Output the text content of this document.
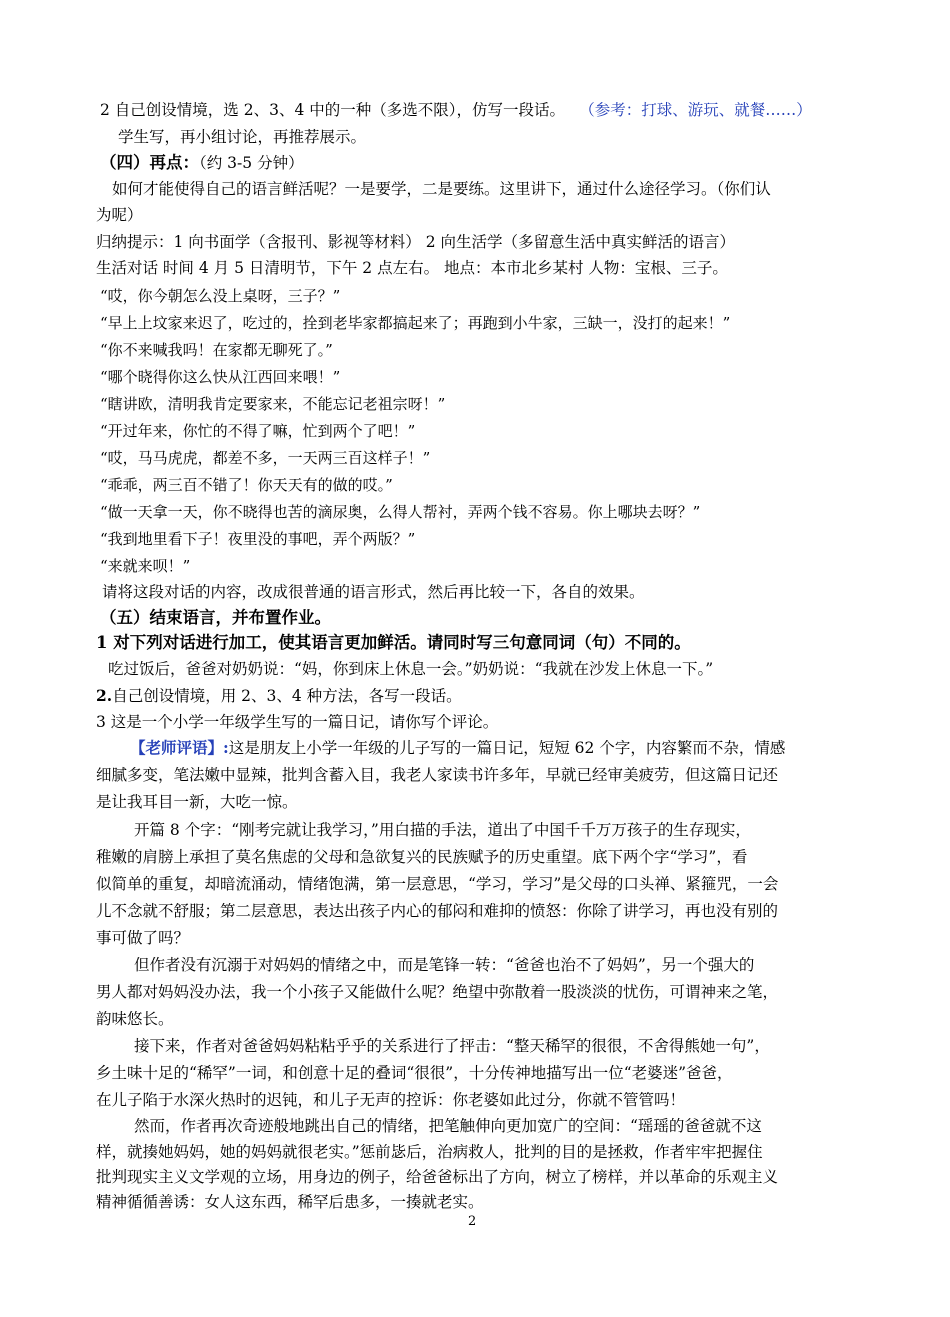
2 自己创设情境，选 2、3、4 中的一种（多选不限），仿写一段话。 （参考：打球、游玩、就餐……）
学生写，再小组讨论，再推荐展示。
（四）再点：（约 3-5 分钟）
如何才能使得自己的语言鲜活呢？一是要学，二是要练。这里讲下，通过什么途径学习。（你们认
为呢）
归纳提示：1 向书面学（含报刊、影视等材料） 2 向生活学（多留意生活中真实鲜活的语言）
生活对话 时间 4 月 5 日清明节，下午 2 点左右。 地点：本市北乡某村 人物：宝根、三子。
“哎，你今朝怎么没上桌呀，三子？”
“早上上坟家来迟了，吃过的，拴到老毕家都搞起来了；再跑到小牛家，三缺一，没打的起来！”
“你不来喊我吗！在家都无聊死了。”
“哪个晓得你这么快从江西回来喂！”
“瞎讲欧，清明我肯定要家来，不能忘记老祖宗呀！”
“开过年来，你忙的不得了嘛，忙到两个了吧！”
“哎，马马虎虎，都差不多，一天两三百这样子！”
“乖乖，两三百不错了！你天天有的做的哎。”
“做一天拿一天，你不晓得也苦的滴尿奥，么得人帮衬，弄两个钱不容易。你上哪块去呀？”
“我到地里看下子！夜里没的事吧，弄个两版？”
“来就来呗！”
请将这段对话的内容，改成很普通的语言形式，然后再比较一下，各自的效果。
（五）结束语言，并布置作业。
1 对下列对话进行加工，使其语言更加鲜活。请同时写三句意同词（句）不同的。
吃过饭后，爸爸对奶奶说：“妈，你到床上休息一会。”奶奶说：“我就在沙发上休息一下。”
2.自己创设情境，用 2、3、4 种方法，各写一段话。
3 这是一个小学一年级学生写的一篇日记，请你写个评论。
【老师评语】:这是朋友上小学一年级的儿子写的一篇日记，短短 62 个字，内容繁而不杂，情感
细腻多变，笔法嫩中显辣，批判含蓄入目，我老人家读书许多年，早就已经审美疲劳，但这篇日记还
是让我耳目一新，大吃一惊。
开篇 8 个字：“刚考完就让我学习，”用白描的手法，道出了中国千千万万孩子的生存现实，
稚嫩的肩膀上承担了莫名焦虑的父母和急欲复兴的民族赋予的历史重望。底下两个字“学习”，看
似简单的重复，却暗流涌动，情绪饱满，第一层意思，“学习，学习”是父母的口头禅、紧箍咒，一会
儿不念就不舒服；第二层意思，表达出孩子内心的郁闷和难抑的愤怒：你除了讲学习，再也没有别的
事可做了吗？
但作者没有沉溺于对妈妈的情绪之中，而是笔锋一转：“爸爸也治不了妈妈”，另一个强大的
男人都对妈妈没办法，我一个小孩子又能做什么呢？绝望中弥散着一股淡淡的忧伤，可谓神来之笔，
韵味悠长。
接下来，作者对爸爸妈妈粘粘乎乎的关系进行了抨击：“整天稀罕的很很，不舍得熊她一句”，
乡土味十足的“稀罕”一词，和创意十足的叠词“很很”，十分传神地描写出一位“老婆迷”爸爸，
在儿子陷于水深火热时的迟钝，和儿子无声的控诉：你老婆如此过分，你就不管管吗！
然而，作者再次奇迹般地跳出自己的情绪，把笔触伸向更加宽广的空间：“瑶瑶的爸爸就不这
样，就揍她妈妈，她的妈妈就很老实。”惩前毖后，治病救人，批判的目的是拯救，作者牢牢把握住
批判现实主义文学观的立场，用身边的例子，给爸爸标出了方向，树立了榜样，并以革命的乐观主义
精神循循善诱：女人这东西，稀罕后患多，一揍就老实。
2
